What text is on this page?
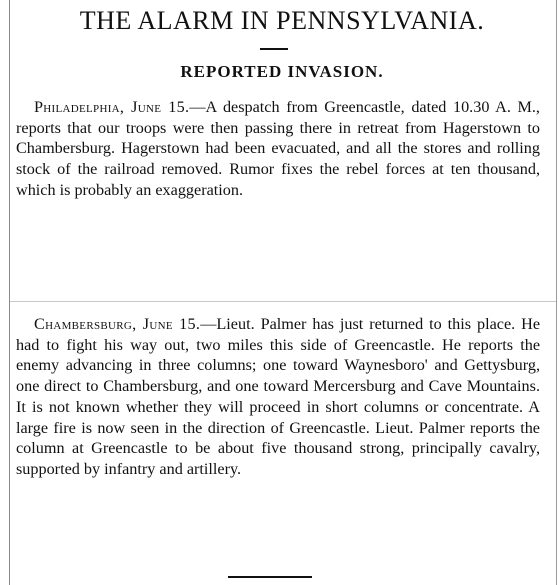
THE ALARM IN PENNSYLVANIA.
REPORTED INVASION.

Philadelphia, June 15.—A despatch from Greencastle, dated 10.30 A. M., reports that our troops were then passing there in retreat from Hagerstown to Chambersburg. Hagerstown had been evacuated, and all the stores and rolling stock of the railroad removed. Rumor fixes the rebel forces at ten thousand, which is probably an exaggeration.

Chambersburg, June 15.—Lieut. Palmer has just returned to this place. He had to fight his way out, two miles this side of Greencastle. He reports the enemy advancing in three columns; one toward Waynesboro' and Gettysburg, one direct to Chambersburg, and one toward Mercersburg and Cave Mountains. It is not known whether they will proceed in short columns or concentrate. A large fire is now seen in the direction of Greencastle. Lieut. Palmer reports the column at Greencastle to be about five thousand strong, principally cavalry, supported by infantry and artillery.
